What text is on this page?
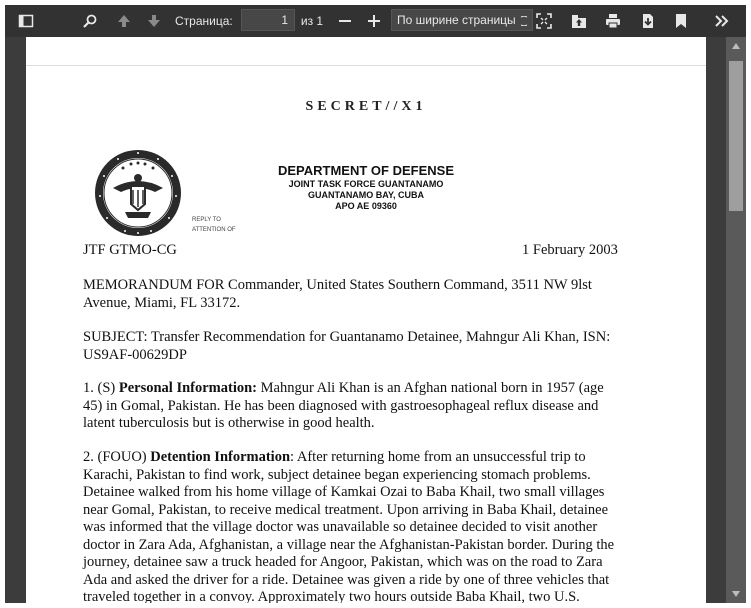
Страница:	1	из 1	По ширине страницы
SECRET//X1
DEPARTMENT OF DEFENSE
JOINT TASK FORCE GUANTANAMO
GUANTANAMO BAY, CUBA
APO AE 09360
REPLY TO
ATTENTION OF
JTF GTMO-CG	1 February 2003
MEMORANDUM FOR Commander, United States Southern Command, 3511 NW 9lst
Avenue, Miami, FL 33172.
SUBJECT: Transfer Recommendation for Guantanamo Detainee, Mahngur Ali Khan, ISN:
US9AF-00629DP
1. (S) Personal Information: Mahngur Ali Khan is an Afghan national born in 1957 (age
45) in Gomal, Pakistan. He has been diagnosed with gastroesophageal reflux disease and
latent tuberculosis but is otherwise in good health.
2. (FOUO) Detention Information: After returning home from an unsuccessful trip to
Karachi, Pakistan to find work, subject detainee began experiencing stomach problems.
Detainee walked from his home village of Kamkai Ozai to Baba Khail, two small villages
near Gomal, Pakistan, to receive medical treatment. Upon arriving in Baba Khail, detainee
was informed that the village doctor was unavailable so detainee decided to visit another
doctor in Zara Ada, Afghanistan, a village near the Afghanistan-Pakistan border. During the
journey, detainee saw a truck headed for Angoor, Pakistan, which was on the road to Zara
Ada and asked the driver for a ride. Detainee was given a ride by one of three vehicles that
traveled together in a convoy. Approximately two hours outside Baba Khail, two U.S.
